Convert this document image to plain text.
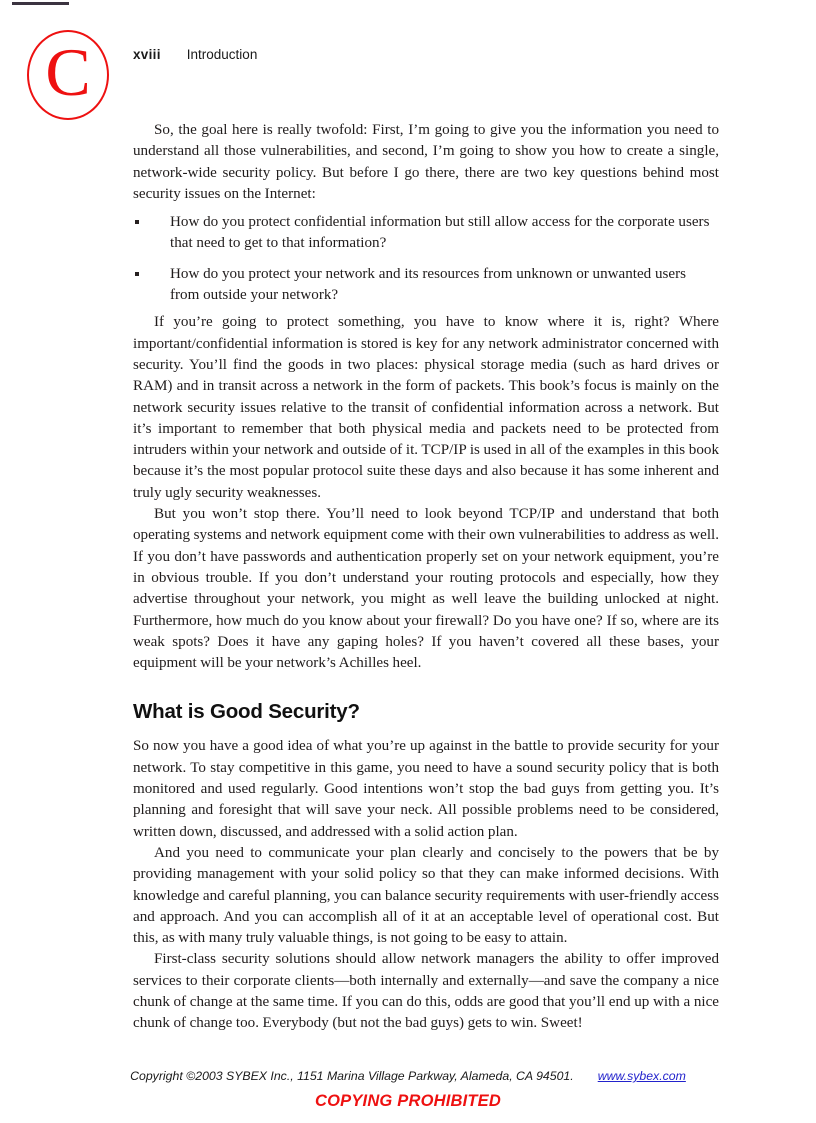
C	xviii Introduction

So, the goal here is really twofold: First, I’m going to give you the information you need to understand all those vulnerabilities, and second, I’m going to show you how to create a single, network-wide security policy. But before I go there, there are two key questions behind most security issues on the Internet:

How do you protect confidential information but still allow access for the corporate users that need to get to that information?
How do you protect your network and its resources from unknown or unwanted users from outside your network?

If you’re going to protect something, you have to know where it is, right? Where important/confidential information is stored is key for any network administrator concerned with security. You’ll find the goods in two places: physical storage media (such as hard drives or RAM) and in transit across a network in the form of packets. This book’s focus is mainly on the network security issues relative to the transit of confidential information across a network. But it’s important to remember that both physical media and packets need to be protected from intruders within your network and outside of it. TCP/IP is used in all of the examples in this book because it’s the most popular protocol suite these days and also because it has some inherent and truly ugly security weaknesses.

But you won’t stop there. You’ll need to look beyond TCP/IP and understand that both operating systems and network equipment come with their own vulnerabilities to address as well. If you don’t have passwords and authentication properly set on your network equipment, you’re in obvious trouble. If you don’t understand your routing protocols and especially, how they advertise throughout your network, you might as well leave the building unlocked at night. Furthermore, how much do you know about your firewall? Do you have one? If so, where are its weak spots? Does it have any gaping holes? If you haven’t covered all these bases, your equipment will be your network’s Achilles heel.

What is Good Security?

So now you have a good idea of what you’re up against in the battle to provide security for your network. To stay competitive in this game, you need to have a sound security policy that is both monitored and used regularly. Good intentions won’t stop the bad guys from getting you. It’s planning and foresight that will save your neck. All possible problems need to be considered, written down, discussed, and addressed with a solid action plan.

And you need to communicate your plan clearly and concisely to the powers that be by providing management with your solid policy so that they can make informed decisions. With knowledge and careful planning, you can balance security requirements with user-friendly access and approach. And you can accomplish all of it at an acceptable level of operational cost. But this, as with many truly valuable things, is not going to be easy to attain.

First-class security solutions should allow network managers the ability to offer improved services to their corporate clients—both internally and externally—and save the company a nice chunk of change at the same time. If you can do this, odds are good that you’ll end up with a nice chunk of change too. Everybody (but not the bad guys) gets to win. Sweet!

Copyright ©2003 SYBEX Inc., 1151 Marina Village Parkway, Alameda, CA 94501. www.sybex.com
COPYING PROHIBITED
